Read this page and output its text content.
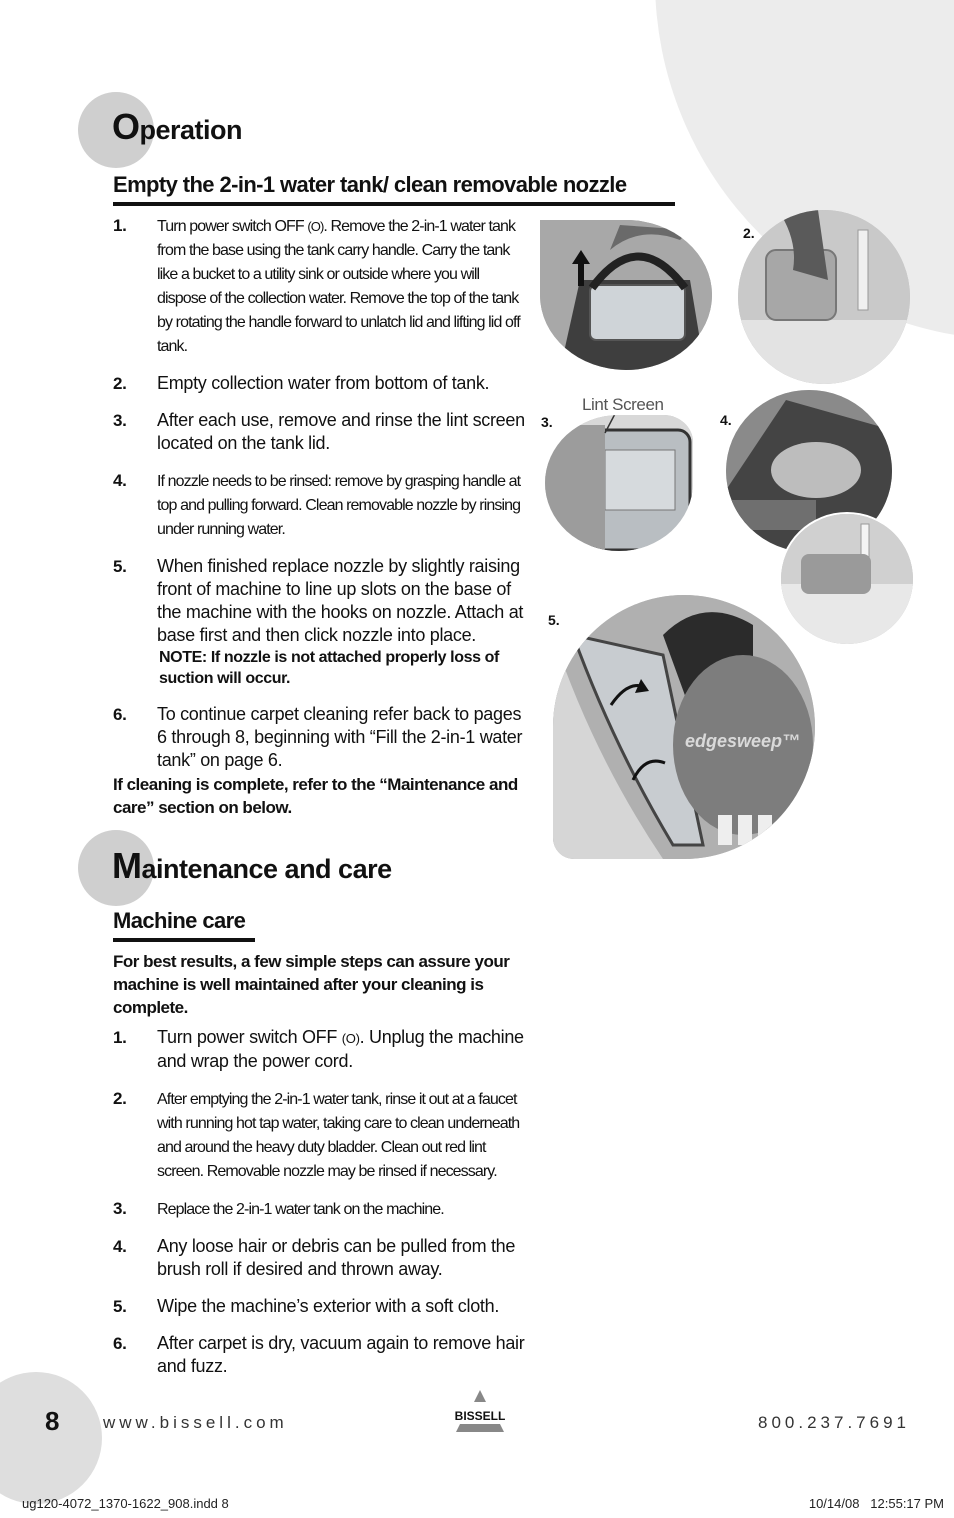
Operation
Empty the 2-in-1 water tank/ clean removable nozzle
1. Turn power switch OFF (O). Remove the 2-in-1 water tank from the base using the tank carry handle. Carry the tank like a bucket to a utility sink or outside where you will dispose of the collection water. Remove the top of the tank by rotating the handle forward to unlatch lid and lifting lid off tank.
2. Empty collection water from bottom of tank.
3. After each use, remove and rinse the lint screen located on the tank lid.
4. If nozzle needs to be rinsed: remove by grasping handle at top and pulling forward. Clean removable nozzle by rinsing under running water.
5. When finished replace nozzle by slightly raising front of machine to line up slots on the base of the machine with the hooks on nozzle. Attach at base first and then click nozzle into place.
NOTE: If nozzle is not attached properly loss of suction will occur.
6. To continue carpet cleaning refer back to pages 6 through 8, beginning with “Fill the 2-in-1 water tank” on page 6.
If cleaning is complete, refer to the “Maintenance and care” section on below.
Maintenance and care
Machine care
For best results, a few simple steps can assure your machine is well maintained after your cleaning is complete.
1. Turn power switch OFF (O). Unplug the machine and wrap the power cord.
2. After emptying the 2-in-1 water tank, rinse it out at a faucet with running hot tap water, taking care to clean underneath and around the heavy duty bladder. Clean out red lint screen. Removable nozzle may be rinsed if necessary.
3. Replace the 2-in-1 water tank on the machine.
4. Any loose hair or debris can be pulled from the brush roll if desired and thrown away.
5. Wipe the machine’s exterior with a soft cloth.
6. After carpet is dry, vacuum again to remove hair and fuzz.
2.
Lint Screen
3.	4.
5.
edgesweep™
8	www.bissell.com	BISSELL	800.237.7691
ug120-4072_1370-1622_908.indd 8	10/14/08   12:55:17 PM
